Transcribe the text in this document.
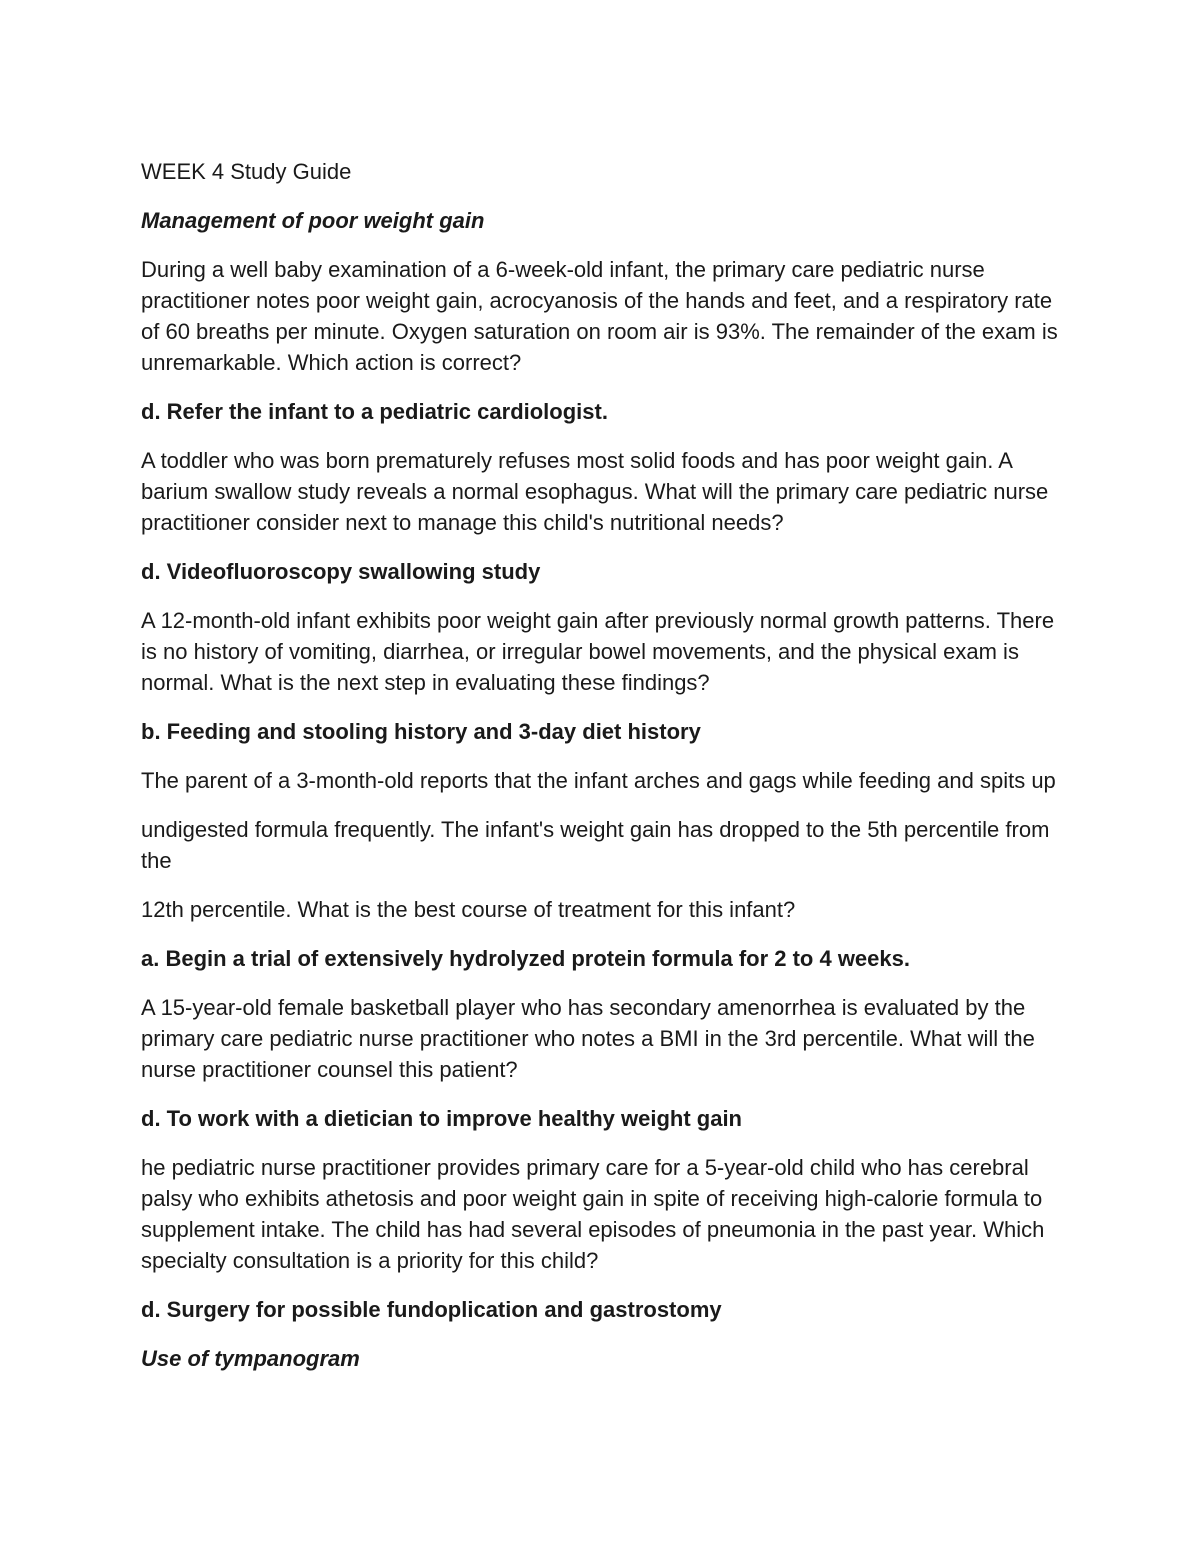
WEEK 4 Study Guide
Management of poor weight gain

During a well baby examination of a 6-week-old infant, the primary care pediatric nurse practitioner notes poor weight gain, acrocyanosis of the hands and feet, and a respiratory rate of 60 breaths per minute. Oxygen saturation on room air is 93%. The remainder of the exam is unremarkable. Which action is correct?

d. Refer the infant to a pediatric cardiologist.

A toddler who was born prematurely refuses most solid foods and has poor weight gain. A barium swallow study reveals a normal esophagus. What will the primary care pediatric nurse practitioner consider next to manage this child's nutritional needs?

d. Videofluoroscopy swallowing study

A 12-month-old infant exhibits poor weight gain after previously normal growth patterns. There is no history of vomiting, diarrhea, or irregular bowel movements, and the physical exam is normal. What is the next step in evaluating these findings?

b. Feeding and stooling history and 3-day diet history

The parent of a 3-month-old reports that the infant arches and gags while feeding and spits up

undigested formula frequently. The infant's weight gain has dropped to the 5th percentile from the

12th percentile. What is the best course of treatment for this infant?

a. Begin a trial of extensively hydrolyzed protein formula for 2 to 4 weeks.

A 15-year-old female basketball player who has secondary amenorrhea is evaluated by the primary care pediatric nurse practitioner who notes a BMI in the 3rd percentile. What will the nurse practitioner counsel this patient?

d. To work with a dietician to improve healthy weight gain

he pediatric nurse practitioner provides primary care for a 5-year-old child who has cerebral palsy who exhibits athetosis and poor weight gain in spite of receiving high-calorie formula to supplement intake. The child has had several episodes of pneumonia in the past year. Which specialty consultation is a priority for this child?

d. Surgery for possible fundoplication and gastrostomy

Use of tympanogram
